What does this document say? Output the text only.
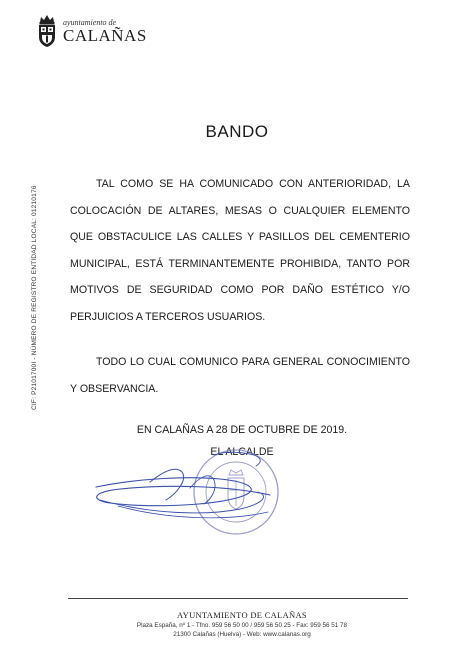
ayuntamiento de
CALAÑAS
CIF: P2101700I - NÚMERO DE REGISTRO ENTIDAD LOCAL: 01210176
BANDO
TAL COMO SE HA COMUNICADO CON ANTERIORIDAD, LA COLOCACIÓN DE ALTARES, MESAS O CUALQUIER ELEMENTO QUE OBSTACULICE LAS CALLES Y PASILLOS DEL CEMENTERIO MUNICIPAL, ESTÁ TERMINANTEMENTE PROHIBIDA, TANTO POR MOTIVOS DE SEGURIDAD COMO POR DAÑO ESTÉTICO Y/O PERJUICIOS A TERCEROS USUARIOS.
TODO LO CUAL COMUNICO PARA GENERAL CONOCIMIENTO Y OBSERVANCIA.
EN CALAÑAS A 28 DE OCTUBRE DE 2019.
EL ALCALDE
AYUNTAMIENTO DE CALAÑAS
Plaza España, nº 1 - Tfno. 959 56 50 00 / 959 56 50 25 - Fax: 959 56 51 78
21300 Calañas (Huelva) - Web: www.calanas.org
